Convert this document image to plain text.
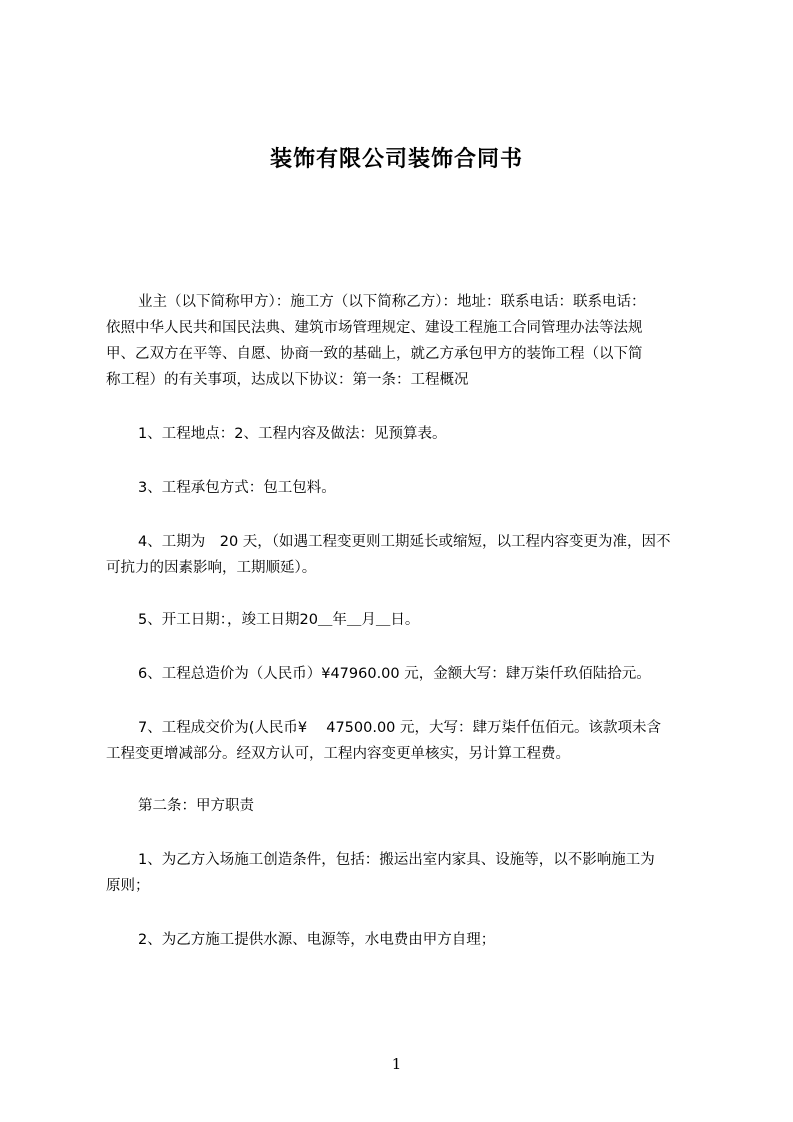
装饰有限公司装饰合同书
业主（以下简称甲方）：施工方（以下简称乙方）：地址：联系电话：联系电话：
依照中华人民共和国民法典、建筑市场管理规定、建设工程施工合同管理办法等法规
甲、乙双方在平等、自愿、协商一致的基础上，就乙方承包甲方的装饰工程（以下简
称工程）的有关事项，达成以下协议：第一条：工程概况
1、工程地点：2、工程内容及做法：见预算表。
3、工程承包方式：包工包料。
4、工期为　20 天，（如遇工程变更则工期延长或缩短，以工程内容变更为准，因不
可抗力的因素影响，工期顺延）。
5、开工日期：，竣工日期20＿年＿月＿日。
6、工程总造价为（人民币）¥47960.00 元，金额大写：肆万柒仟玖佰陆拾元。
7、工程成交价为(人民币¥　 47500.00 元，大写：肆万柒仟伍佰元。该款项未含
工程变更增减部分。经双方认可，工程内容变更单核实，另计算工程费。
第二条：甲方职责
1、为乙方入场施工创造条件，包括：搬运出室内家具、设施等，以不影响施工为
原则；
2、为乙方施工提供水源、电源等，水电费由甲方自理；
1
